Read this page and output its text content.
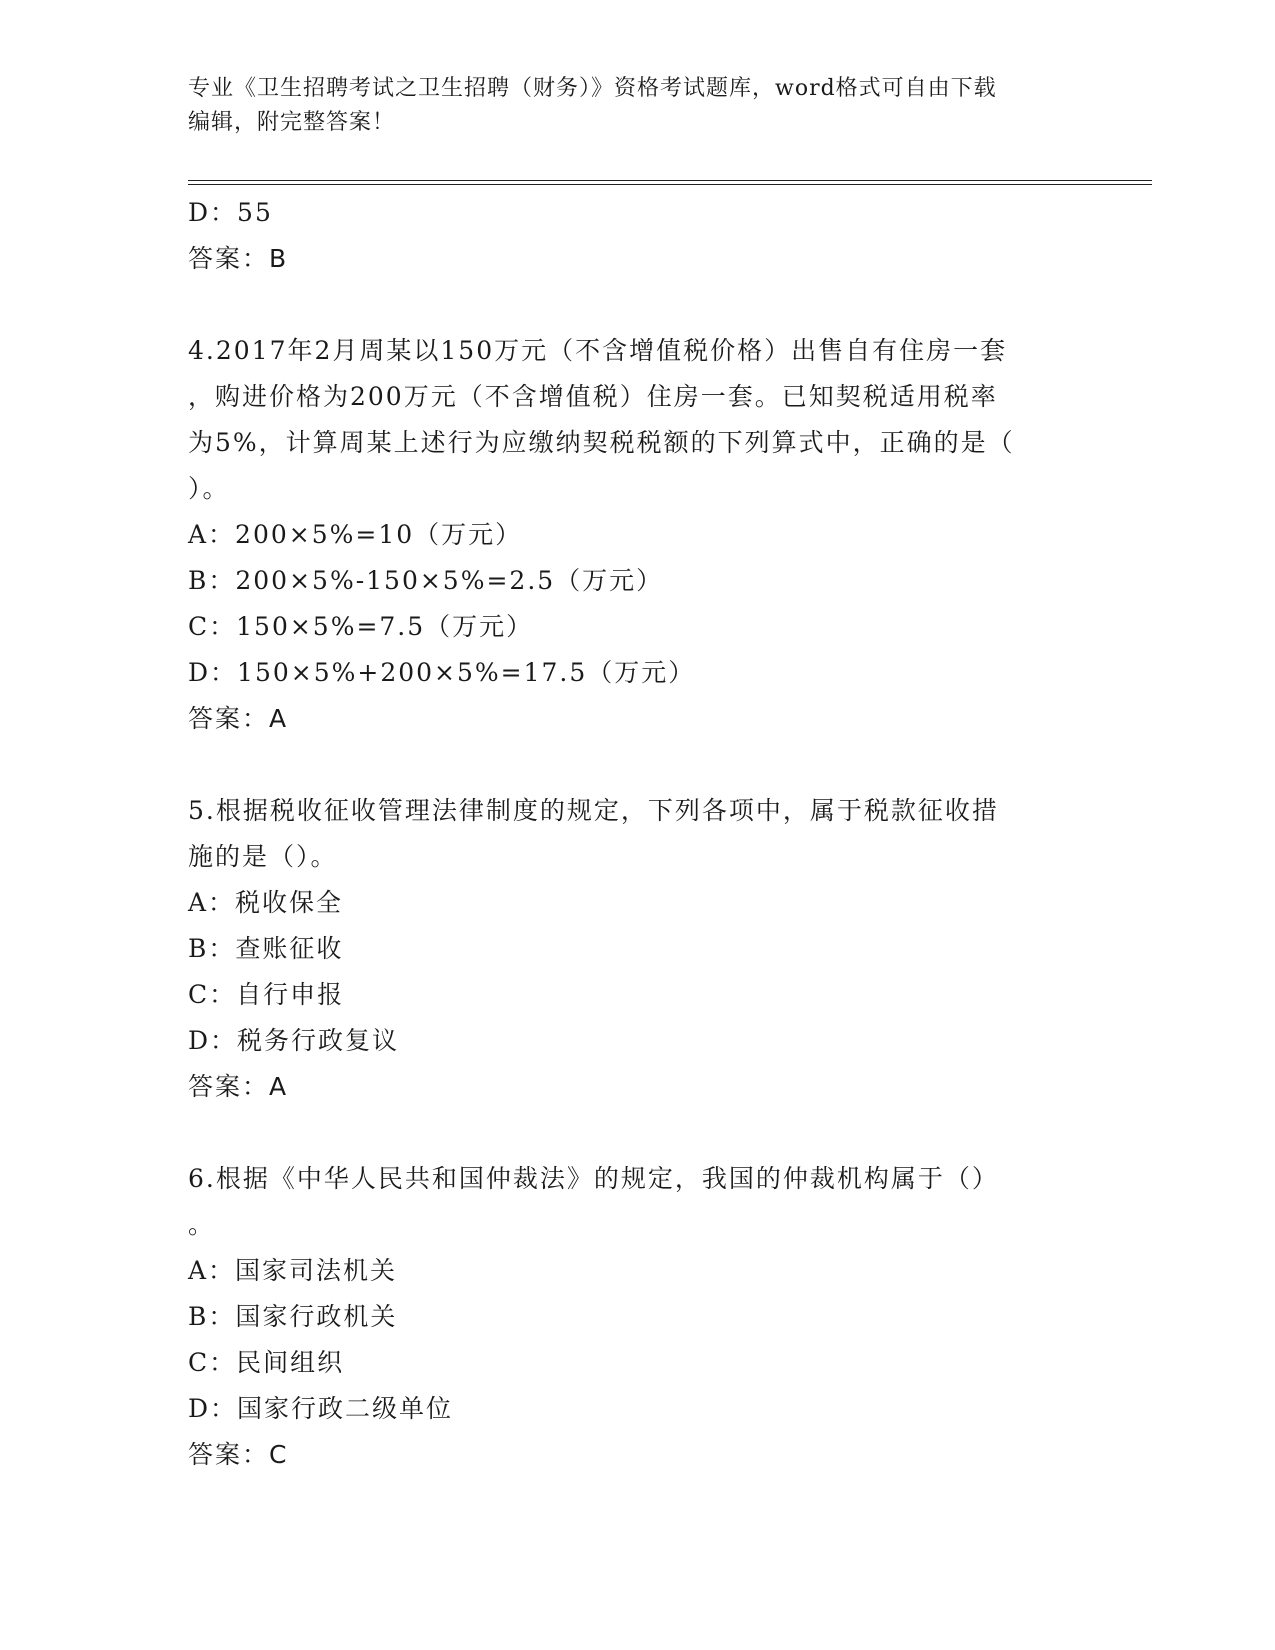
专业《卫生招聘考试之卫生招聘（财务）》资格考试题库，word格式可自由下载
编辑，附完整答案！
D：55
答案：B
4.2017年2月周某以150万元（不含增值税价格）出售自有住房一套
，购进价格为200万元（不含增值税）住房一套。已知契税适用税率
为5%，计算周某上述行为应缴纳契税税额的下列算式中，正确的是（
）。
A：200×5%=10（万元）
B：200×5%-150×5%=2.5（万元）
C：150×5%=7.5（万元）
D：150×5%+200×5%=17.5（万元）
答案：A
5.根据税收征收管理法律制度的规定，下列各项中，属于税款征收措
施的是（）。
A：税收保全
B：查账征收
C：自行申报
D：税务行政复议
答案：A
6.根据《中华人民共和国仲裁法》的规定，我国的仲裁机构属于（）
。
A：国家司法机关
B：国家行政机关
C：民间组织
D：国家行政二级单位
答案：C
